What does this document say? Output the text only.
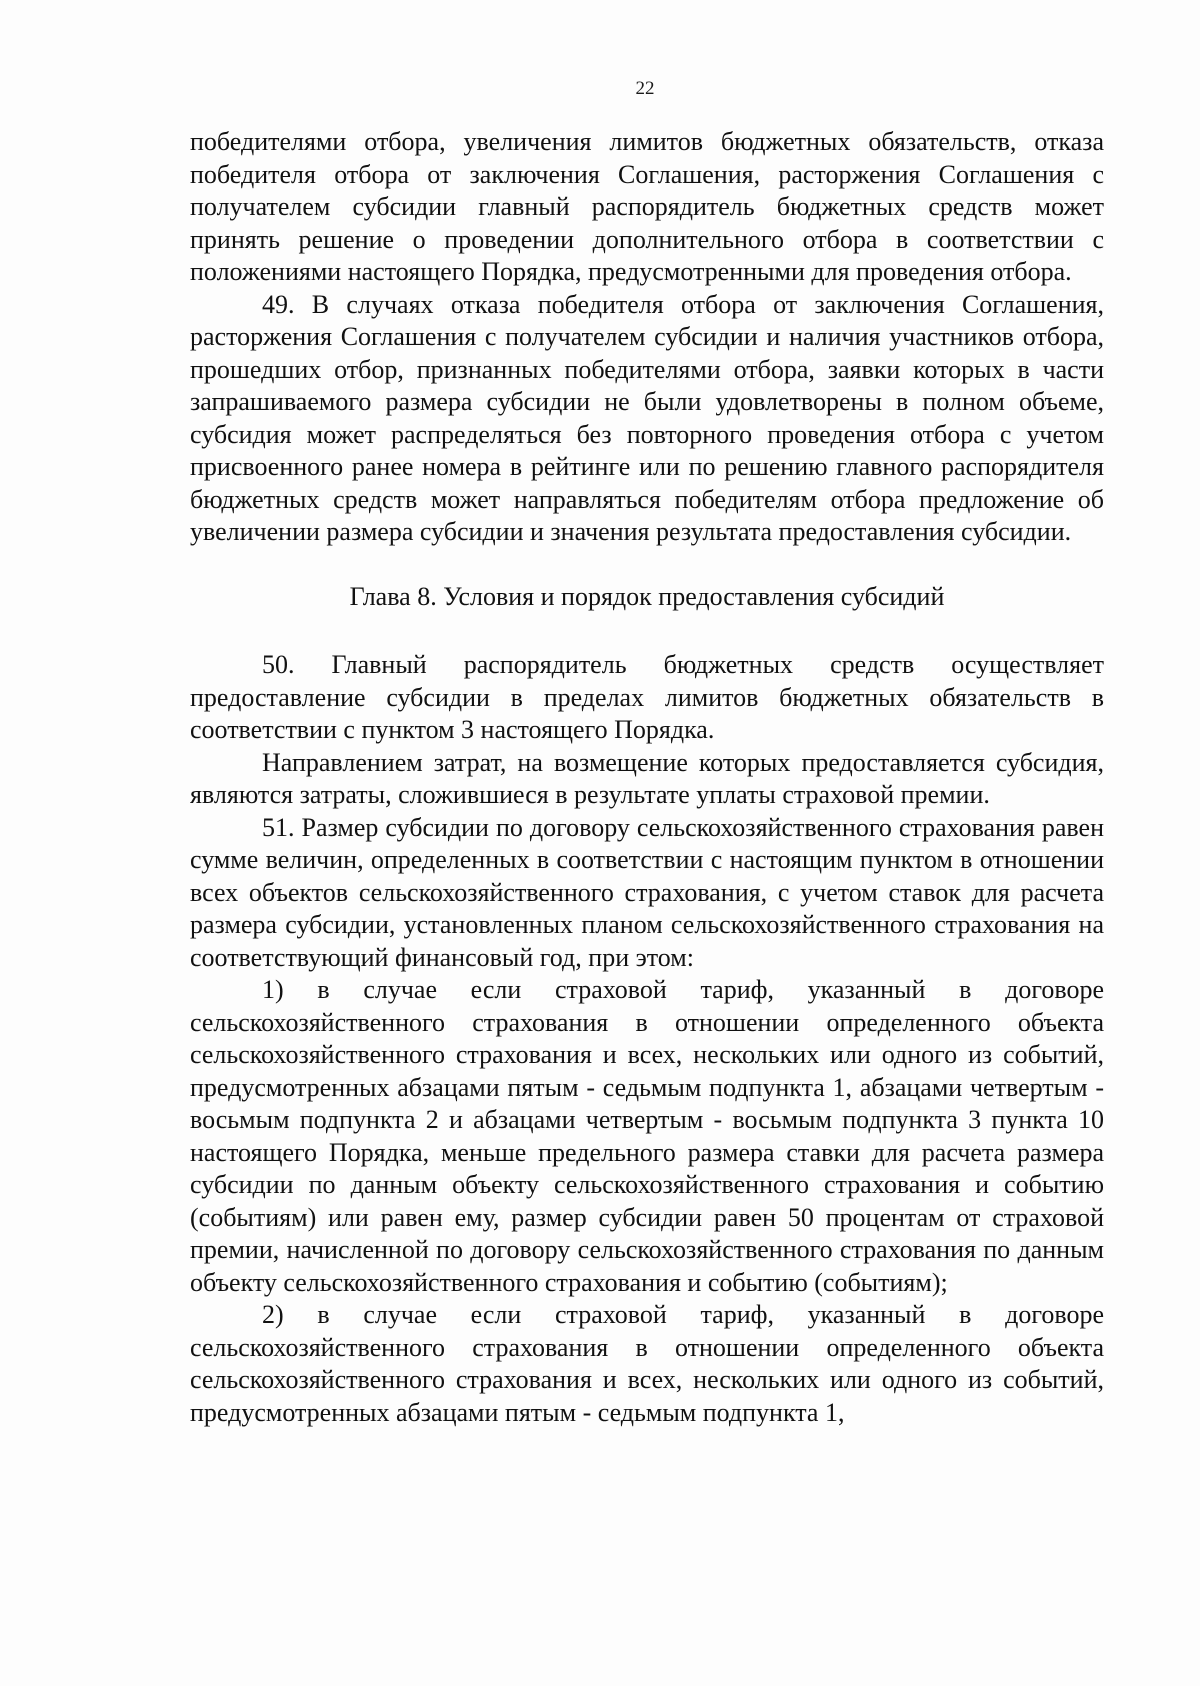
22

победителями отбора, увеличения лимитов бюджетных обязательств, отказа победителя отбора от заключения Соглашения, расторжения Соглашения с получателем субсидии главный распорядитель бюджетных средств может принять решение о проведении дополнительного отбора в соответствии с положениями настоящего Порядка, предусмотренными для проведения отбора.

49. В случаях отказа победителя отбора от заключения Соглашения, расторжения Соглашения с получателем субсидии и наличия участников отбора, прошедших отбор, признанных победителями отбора, заявки которых в части запрашиваемого размера субсидии не были удовлетворены в полном объеме, субсидия может распределяться без повторного проведения отбора с учетом присвоенного ранее номера в рейтинге или по решению главного распорядителя бюджетных средств может направляться победителям отбора предложение об увеличении размера субсидии и значения результата предоставления субсидии.

Глава 8. Условия и порядок предоставления субсидий

50. Главный распорядитель бюджетных средств осуществляет предоставление субсидии в пределах лимитов бюджетных обязательств в соответствии с пунктом 3 настоящего Порядка.

Направлением затрат, на возмещение которых предоставляется субсидия, являются затраты, сложившиеся в результате уплаты страховой премии.

51. Размер субсидии по договору сельскохозяйственного страхования равен сумме величин, определенных в соответствии с настоящим пунктом в отношении всех объектов сельскохозяйственного страхования, с учетом ставок для расчета размера субсидии, установленных планом сельскохозяйственного страхования на соответствующий финансовый год, при этом:

1) в случае если страховой тариф, указанный в договоре сельскохозяйственного страхования в отношении определенного объекта сельскохозяйственного страхования и всех, нескольких или одного из событий, предусмотренных абзацами пятым - седьмым подпункта 1, абзацами четвертым - восьмым подпункта 2 и абзацами четвертым - восьмым подпункта 3 пункта 10 настоящего Порядка, меньше предельного размера ставки для расчета размера субсидии по данным объекту сельскохозяйственного страхования и событию (событиям) или равен ему, размер субсидии равен 50 процентам от страховой премии, начисленной по договору сельскохозяйственного страхования по данным объекту сельскохозяйственного страхования и событию (событиям);

2) в случае если страховой тариф, указанный в договоре сельскохозяйственного страхования в отношении определенного объекта сельскохозяйственного страхования и всех, нескольких или одного из событий, предусмотренных абзацами пятым - седьмым подпункта 1,
